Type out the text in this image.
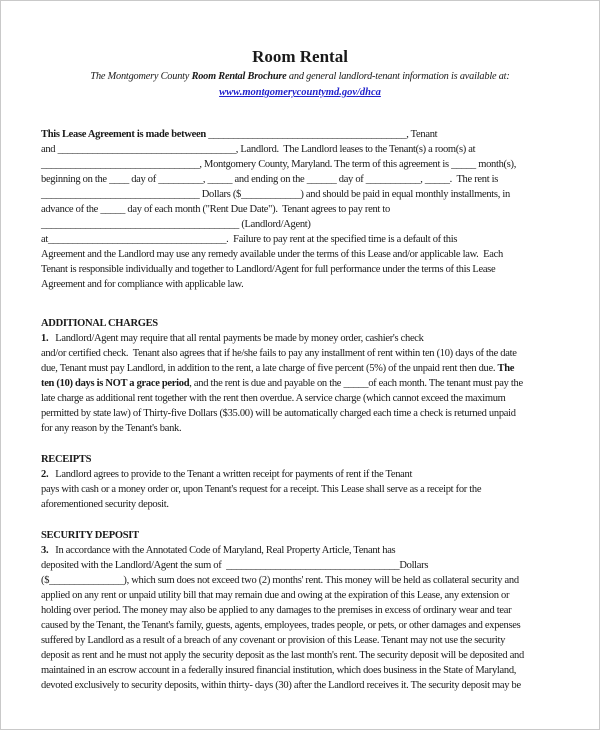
Room Rental
The Montgomery County Room Rental Brochure and general landlord-tenant information is available at:
www.montgomerycountymd.gov/dhca
This Lease Agreement is made between ________________________________________, Tenant
and ____________________________________, Landlord.  The Landlord leases to the Tenant(s) a room(s) at
________________________________, Montgomery County, Maryland. The term of this agreement is _____ month(s),
beginning on the ____ day of _________, _____ and ending on the ______ day of ___________, _____.  The rent is
________________________________ Dollars ($____________) and should be paid in equal monthly installments, in
advance of the _____ day of each month ("Rent Due Date").  Tenant agrees to pay rent to
________________________________________ (Landlord/Agent)
at____________________________________.  Failure to pay rent at the specified time is a default of this
Agreement and the Landlord may use any remedy available under the terms of this Lease and/or applicable law.  Each
Tenant is responsible individually and together to Landlord/Agent for full performance under the terms of this Lease
Agreement and for compliance with applicable law.
ADDITIONAL CHARGES
1.   Landlord/Agent may require that all rental payments be made by money order, cashier's check
and/or certified check.  Tenant also agrees that if he/she fails to pay any installment of rent within ten (10) days of the date
due, Tenant must pay Landlord, in addition to the rent, a late charge of five percent (5%) of the unpaid rent then due. The
ten (10) days is NOT a grace period, and the rent is due and payable on the _____of each month. The tenant must pay the
late charge as additional rent together with the rent then overdue. A service charge (which cannot exceed the maximum
permitted by state law) of Thirty-five Dollars ($35.00) will be automatically charged each time a check is returned unpaid
for any reason by the Tenant's bank.
RECEIPTS
2.   Landlord agrees to provide to the Tenant a written receipt for payments of rent if the Tenant
pays with cash or a money order or, upon Tenant's request for a receipt. This Lease shall serve as a receipt for the
aforementioned security deposit.
SECURITY DEPOSIT
3.   In accordance with the Annotated Code of Maryland, Real Property Article, Tenant has
deposited with the Landlord/Agent the sum of  ___________________________________Dollars
($_______________), which sum does not exceed two (2) months' rent. This money will be held as collateral security and
applied on any rent or unpaid utility bill that may remain due and owing at the expiration of this Lease, any extension or
holding over period. The money may also be applied to any damages to the premises in excess of ordinary wear and tear
caused by the Tenant, the Tenant's family, guests, agents, employees, trades people, or pets, or other damages and expenses
suffered by Landlord as a result of a breach of any covenant or provision of this Lease. Tenant may not use the security
deposit as rent and he must not apply the security deposit as the last month's rent. The security deposit will be deposited and
maintained in an escrow account in a federally insured financial institution, which does business in the State of Maryland,
devoted exclusively to security deposits, within thirty- days (30) after the Landlord receives it. The security deposit may be
